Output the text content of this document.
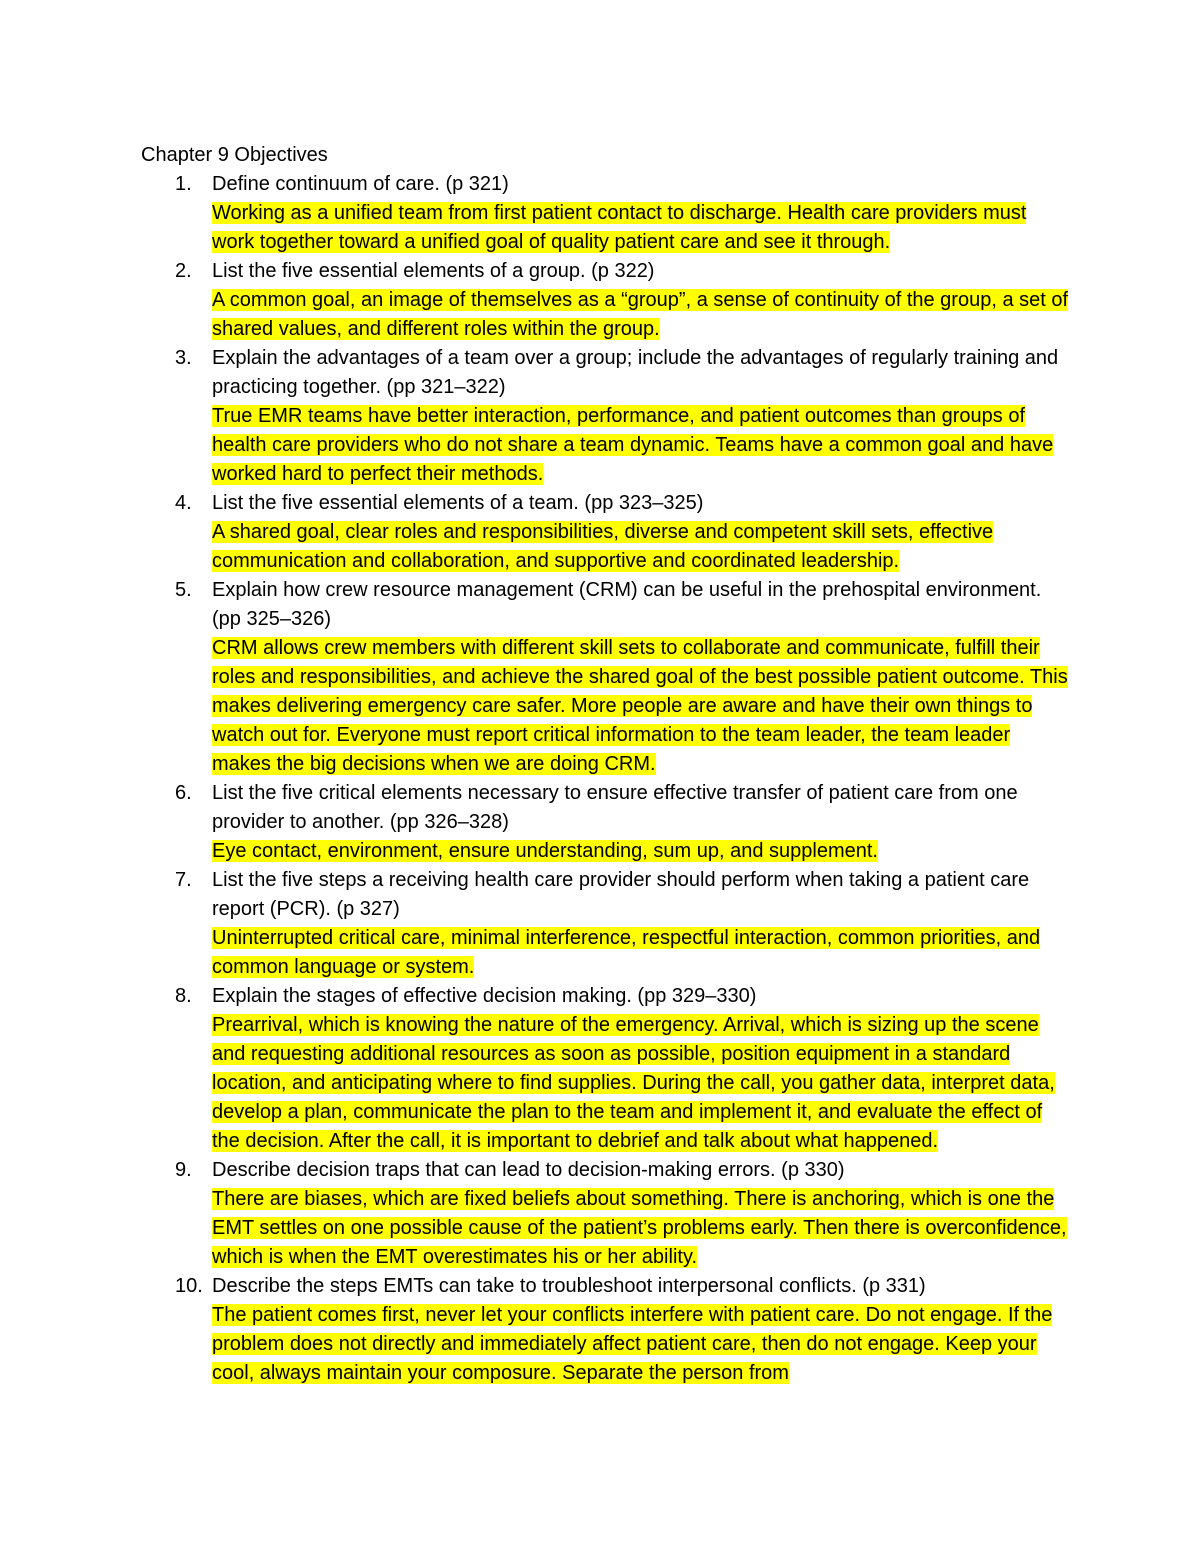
Chapter 9 Objectives
1. Define continuum of care. (p 321)

Working as a unified team from first patient contact to discharge. Health care providers must work together toward a unified goal of quality patient care and see it through.

2. List the five essential elements of a group. (p 322)

A common goal, an image of themselves as a “group”, a sense of continuity of the group, a set of shared values, and different roles within the group.

3. Explain the advantages of a team over a group; include the advantages of regularly training and practicing together. (pp 321–322)

True EMR teams have better interaction, performance, and patient outcomes than groups of health care providers who do not share a team dynamic. Teams have a common goal and have worked hard to perfect their methods.

4. List the five essential elements of a team. (pp 323–325)

A shared goal, clear roles and responsibilities, diverse and competent skill sets, effective communication and collaboration, and supportive and coordinated leadership.

5. Explain how crew resource management (CRM) can be useful in the prehospital environment. (pp 325–326)

CRM allows crew members with different skill sets to collaborate and communicate, fulfill their roles and responsibilities, and achieve the shared goal of the best possible patient outcome. This makes delivering emergency care safer. More people are aware and have their own things to watch out for. Everyone must report critical information to the team leader, the team leader makes the big decisions when we are doing CRM.

6. List the five critical elements necessary to ensure effective transfer of patient care from one provider to another. (pp 326–328)

Eye contact, environment, ensure understanding, sum up, and supplement.

7. List the five steps a receiving health care provider should perform when taking a patient care report (PCR). (p 327)

Uninterrupted critical care, minimal interference, respectful interaction, common priorities, and common language or system.

8. Explain the stages of effective decision making. (pp 329–330)

Prearrival, which is knowing the nature of the emergency. Arrival, which is sizing up the scene and requesting additional resources as soon as possible, position equipment in a standard location, and anticipating where to find supplies. During the call, you gather data, interpret data, develop a plan, communicate the plan to the team and implement it, and evaluate the effect of the decision. After the call, it is important to debrief and talk about what happened.

9. Describe decision traps that can lead to decision-making errors. (p 330)

There are biases, which are fixed beliefs about something. There is anchoring, which is one the EMT settles on one possible cause of the patient’s problems early. Then there is overconfidence, which is when the EMT overestimates his or her ability.

10. Describe the steps EMTs can take to troubleshoot interpersonal conflicts. (p 331)

The patient comes first, never let your conflicts interfere with patient care. Do not engage. If the problem does not directly and immediately affect patient care, then do not engage. Keep your cool, always maintain your composure. Separate the person from
